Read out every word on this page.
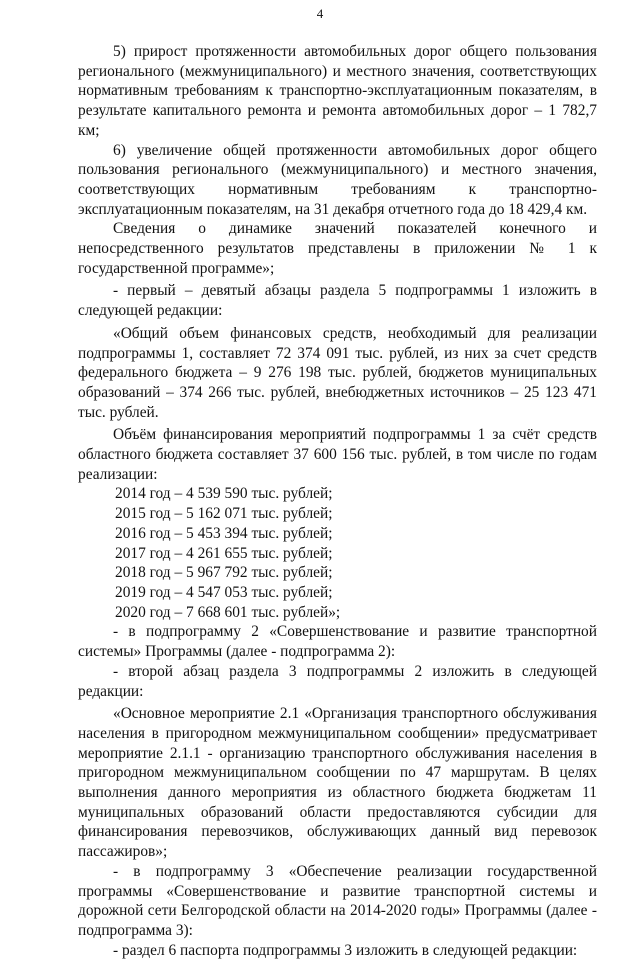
4

5) прирост протяженности автомобильных дорог общего пользования регионального (межмуниципального) и местного значения, соответствующих нормативным требованиям к транспортно-эксплуатационным показателям, в результате капитального ремонта и ремонта автомобильных дорог – 1 782,7 км;

6) увеличение общей протяженности автомобильных дорог общего пользования регионального (межмуниципального) и местного значения, соответствующих нормативным требованиям к транспортно-эксплуатационным показателям, на 31 декабря отчетного года до 18 429,4 км.

Сведения о динамике значений показателей конечного и непосредственного результатов представлены в приложении № 1 к государственной программе»;

- первый – девятый абзацы раздела 5 подпрограммы 1 изложить в следующей редакции:

«Общий объем финансовых средств, необходимый для реализации подпрограммы 1, составляет 72 374 091 тыс. рублей, из них за счет средств федерального бюджета – 9 276 198 тыс. рублей, бюджетов муниципальных образований – 374 266 тыс. рублей, внебюджетных источников – 25 123 471 тыс. рублей.

Объём финансирования мероприятий подпрограммы 1 за счёт средств областного бюджета составляет 37 600 156 тыс. рублей, в том числе по годам реализации:

2014 год – 4 539 590 тыс. рублей;
2015 год – 5 162 071 тыс. рублей;
2016 год – 5 453 394 тыс. рублей;
2017 год – 4 261 655 тыс. рублей;
2018 год – 5 967 792 тыс. рублей;
2019 год – 4 547 053 тыс. рублей;
2020 год – 7 668 601 тыс. рублей»;

- в подпрограмму 2 «Совершенствование и развитие транспортной системы» Программы (далее - подпрограмма 2):

- второй абзац раздела 3 подпрограммы 2 изложить в следующей редакции:

«Основное мероприятие 2.1 «Организация транспортного обслуживания населения в пригородном межмуниципальном сообщении» предусматривает мероприятие 2.1.1 - организацию транспортного обслуживания населения в пригородном межмуниципальном сообщении по 47 маршрутам. В целях выполнения данного мероприятия из областного бюджета бюджетам 11 муниципальных образований области предоставляются субсидии для финансирования перевозчиков, обслуживающих данный вид перевозок пассажиров»;

- в подпрограмму 3 «Обеспечение реализации государственной программы «Совершенствование и развитие транспортной системы и дорожной сети Белгородской области на 2014-2020 годы» Программы (далее - подпрограмма 3):

- раздел 6 паспорта подпрограммы 3 изложить в следующей редакции:
